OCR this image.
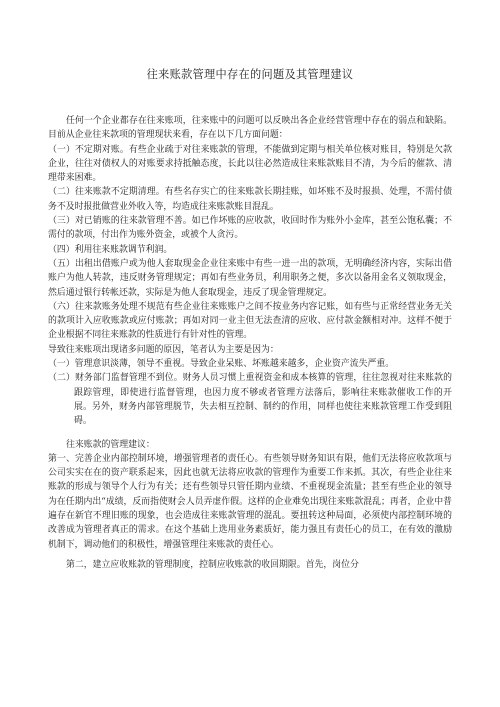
往来账款管理中存在的问题及其管理建议

任何一个企业都存在往来账项，往来账中的问题可以反映出各企业经营管理中存在的弱点和缺陷。目前从企业往来款项的管理现状来看，存在以下几方面问题：

（一）不定期对账。有些企业疏于对往来账款的管理，不能做到定期与相关单位核对账目，特别是欠款企业，往往对债权人的对账要求持抵触态度，长此以往必然造成往来账款账目不清，为今后的催款、清理带来困难。

（二）往来账款不定期清理。有些名存实亡的往来账款长期挂账，如坏账不及时报损、处理，不需付债务不及时报批做营业外收入等，均造成往来账款账目混乱。

（三）对已销账的往来款管理不善。如已作坏账的应收款，收回时作为账外小金库，甚至公饱私囊；不需付的款项，付出作为账外资金，或被个人贪污。

（四）利用往来账款调节利润。

（五）出租出借账户或为他人套取现金企业往来账中有些一进一出的款项，无明确经济内容，实际出借账户为他人转款，违反财务管理规定；再如有些业务员，利用职务之便，多次以备用金名义领取现金，然后通过银行转帐还款，实际是为他人套取现金，违反了现金管理规定。

（六）往来款账务处理不规范有些企业往来账账户之间不按业务内容记账，如有些与正常经营业务无关的款项计入应收账款或应付账款；再如对同一业主但无法查清的应收、应付款金额相对冲。这样不便于企业根据不同往来账款的性质进行有针对性的管理。

导致往来账项出现诸多问题的原因，笔者认为主要是因为：

（一）管理意识淡薄，领导不重视。导致企业呆账、坏账越来越多，企业资产流失严重。

（二）财务部门监督管理不到位。财务人员习惯上重视资金和成本核算的管理，往往忽视对往来账款的跟踪管理，即使进行监督管理，也因力度不够或者管理方法落后，影响往来账款催收工作的开展。另外，财务内部管理脱节，失去相互控制、制约的作用，同样也使往来账款管理工作受到阻碍。

往来账款的管理建议：

第一、完善企业内部控制环境，增强管理者的责任心。有些领导财务知识有限，他们无法将应收款项与公司实实在在的资产联系起来，因此也就无法将应收款的管理作为重要工作来抓。其次，有些企业往来账款的形成与领导个人行为有关；还有些领导只管任期内业绩、不重视现金流量；甚至有些企业的领导为在任期内出“成绩，反而指使财会人员弄虚作假。这样的企业难免出现往来账款混乱；再者，企业中普遍存在新官不理旧账的现象，也会造成往来账款管理的混乱。要扭转这种局面，必须使内部控制环境的改善成为管理者真正的需求。在这个基础上选用业务素质好，能力强且有责任心的员工，在有效的激励机制下，调动他们的积极性，增强管理往来账款的责任心。

第二，建立应收账款的管理制度，控制应收账款的收回期限。首先，岗位分
